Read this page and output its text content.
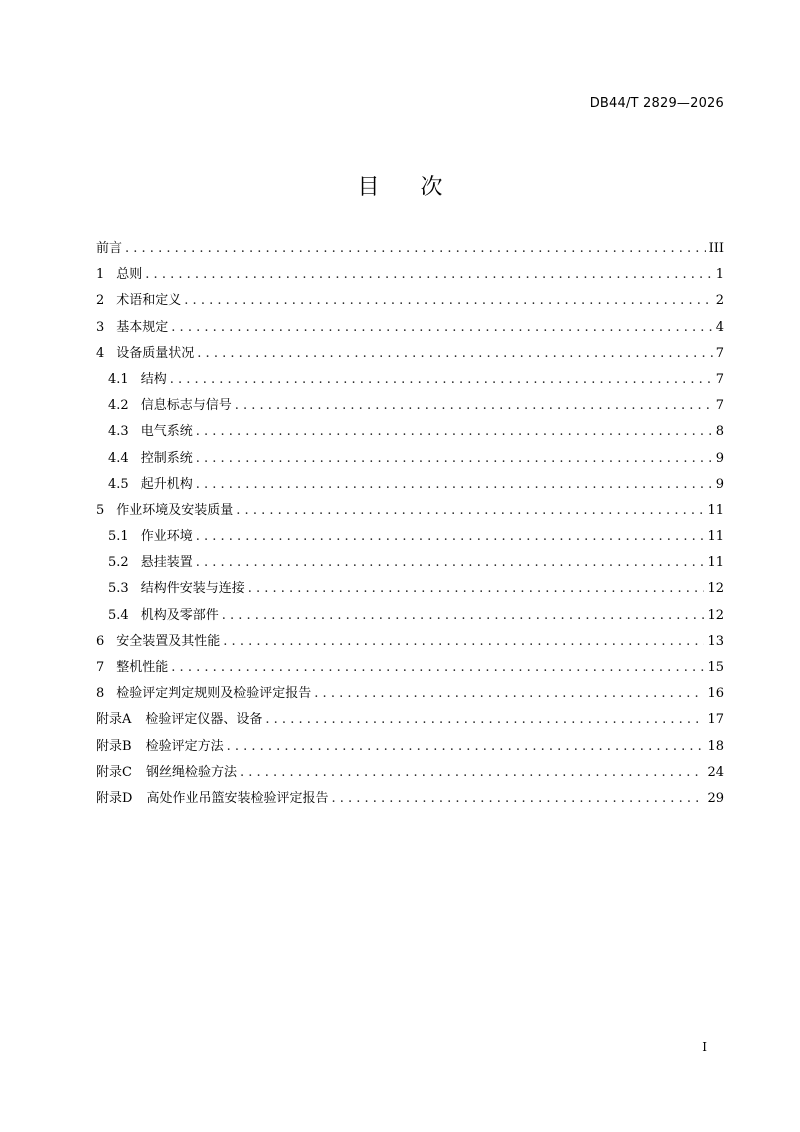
DB44/T 2829—2026
目 次
前言 . . .	III
1 总则 . . .	1
2 术语和定义 . . .	2
3 基本规定 . . .	4
4 设备质量状况 . . .	7
4.1 结构 . . .	7
4.2 信息标志与信号 . . .	7
4.3 电气系统 . . .	8
4.4 控制系统 . . .	9
4.5 起升机构 . . .	9
5 作业环境及安装质量 . . .	11
5.1 作业环境 . . .	11
5.2 悬挂装置 . . .	11
5.3 结构件安装与连接 . . .	12
5.4 机构及零部件 . . .	12
6 安全装置及其性能 . . .	13
7 整机性能 . . .	15
8 检验评定判定规则及检验评定报告 . . .	16
附录A 检验评定仪器、设备 . . .	17
附录B 检验评定方法 . . .	18
附录C 钢丝绳检验方法 . . .	24
附录D 高处作业吊篮安装检验评定报告 . . .	29
I
